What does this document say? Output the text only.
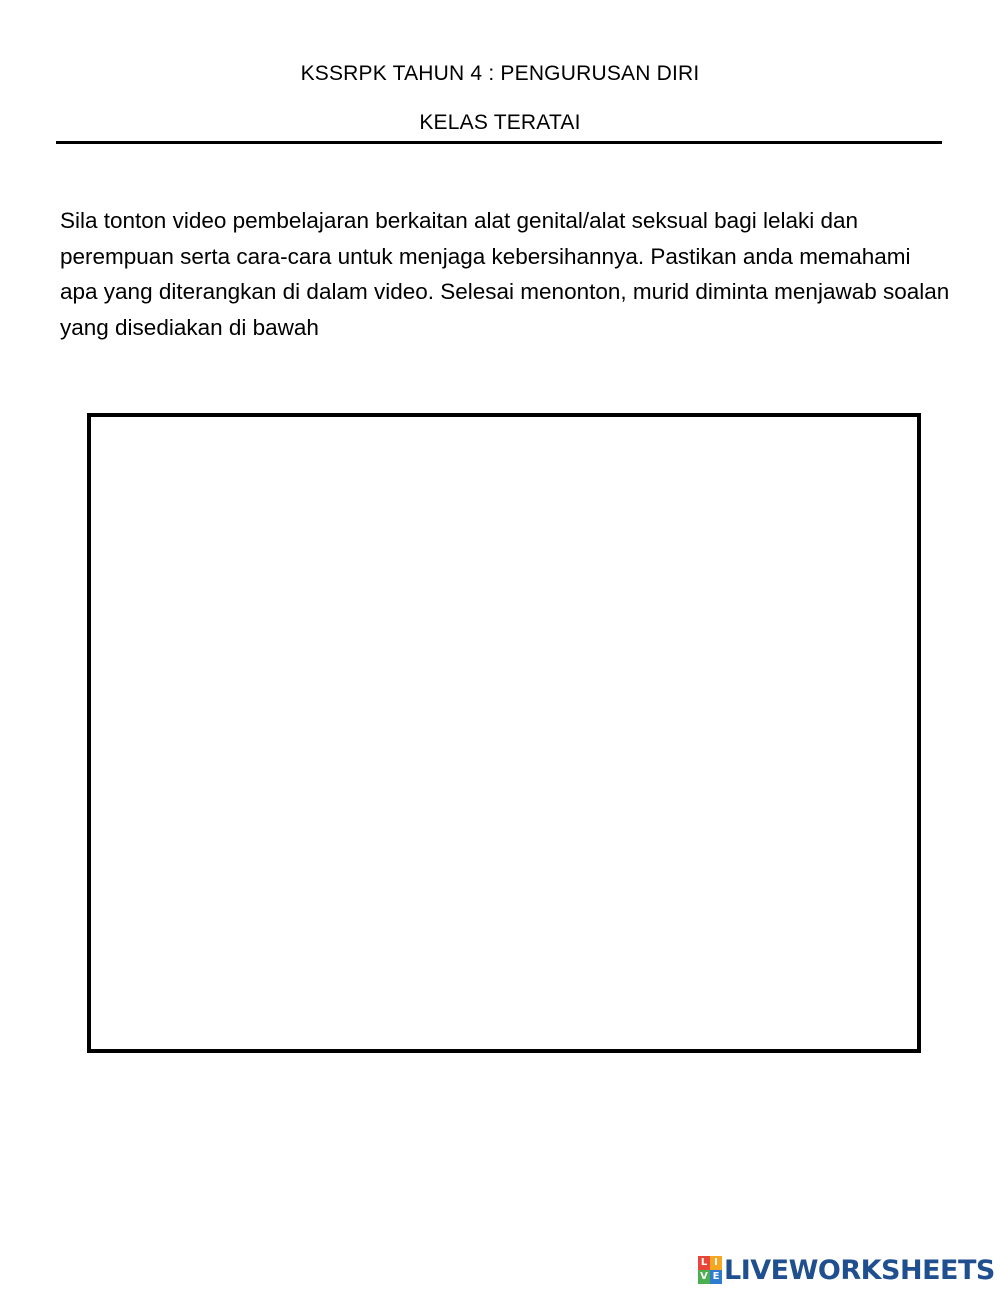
KSSRPK TAHUN 4 : PENGURUSAN DIRI
KELAS TERATAI

Sila tonton video pembelajaran berkaitan alat genital/alat seksual bagi lelaki dan perempuan serta cara-cara untuk menjaga kebersihannya. Pastikan anda memahami apa yang diterangkan di dalam video. Selesai menonton, murid diminta menjawab soalan yang disediakan di bawah

L I
V E LIVEWORKSHEETS
